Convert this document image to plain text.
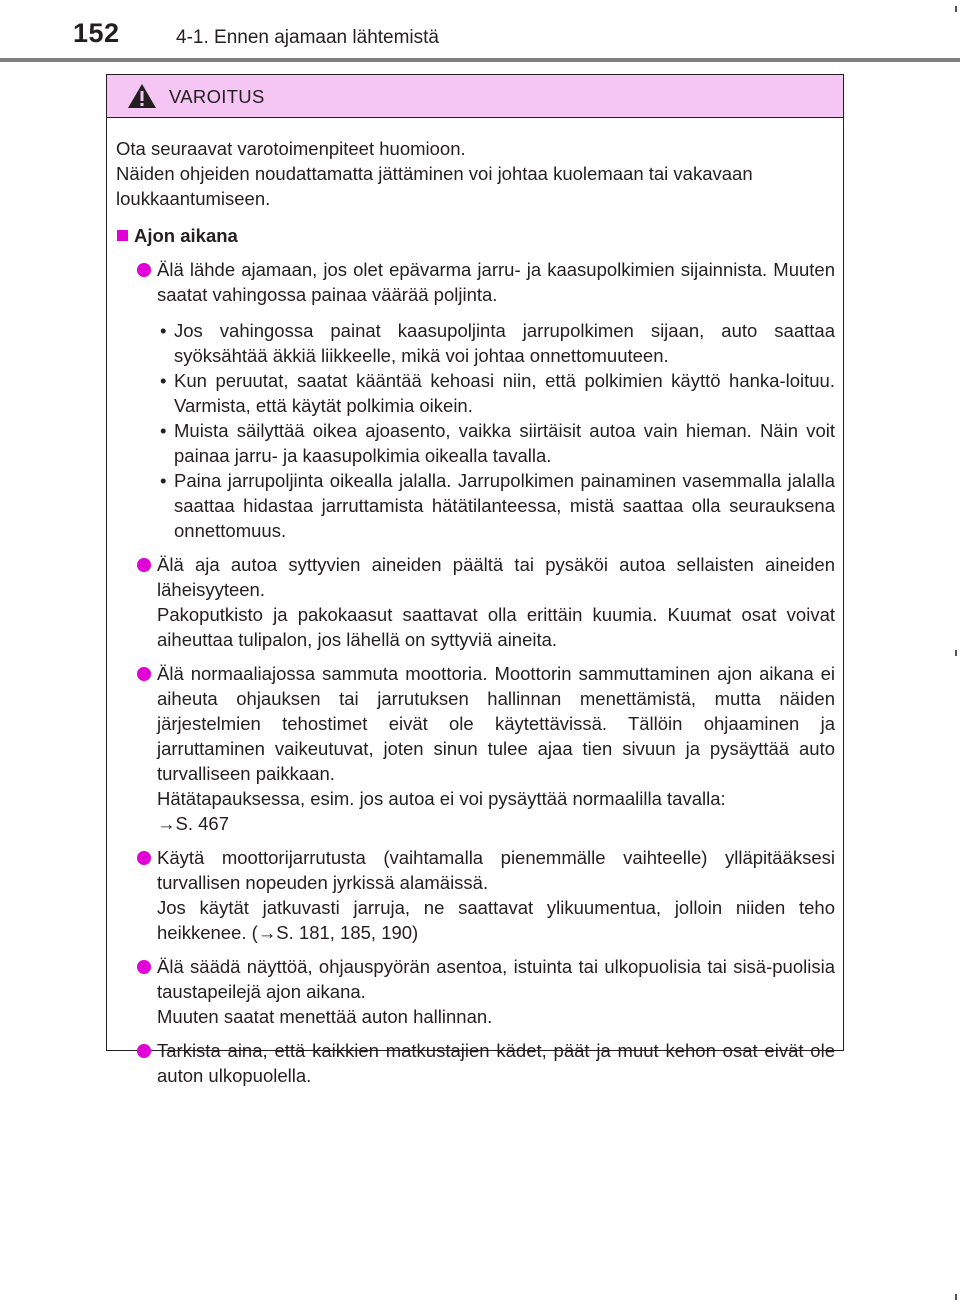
152	4-1. Ennen ajamaan lähtemistä
VAROITUS

Ota seuraavat varotoimenpiteet huomioon.

Näiden ohjeiden noudattamatta jättäminen voi johtaa kuolemaan tai vakavaan loukkaantumiseen.

Ajon aikana

Älä lähde ajamaan, jos olet epävarma jarru- ja kaasupolkimien sijainnista. Muuten saatat vahingossa painaa väärää poljinta.

• Jos vahingossa painat kaasupoljinta jarrupolkimen sijaan, auto saattaa syöksähtää äkkiä liikkeelle, mikä voi johtaa onnettomuuteen.
• Kun peruutat, saatat kääntää kehoasi niin, että polkimien käyttö hanka-loituu. Varmista, että käytät polkimia oikein.
• Muista säilyttää oikea ajoasento, vaikka siirtäisit autoa vain hieman. Näin voit painaa jarru- ja kaasupolkimia oikealla tavalla.
• Paina jarrupoljinta oikealla jalalla. Jarrupolkimen painaminen vasemmalla jalalla saattaa hidastaa jarruttamista hätätilanteessa, mistä saattaa olla seurauksena onnettomuus.

Älä aja autoa syttyvien aineiden päältä tai pysäköi autoa sellaisten aineiden läheisyyteen.

Pakoputkisto ja pakokaasut saattavat olla erittäin kuumia. Kuumat osat voivat aiheuttaa tulipalon, jos lähellä on syttyviä aineita.

Älä normaaliajossa sammuta moottoria. Moottorin sammuttaminen ajon aikana ei aiheuta ohjauksen tai jarrutuksen hallinnan menettämistä, mutta näiden järjestelmien tehostimet eivät ole käytettävissä. Tällöin ohjaaminen ja jarruttaminen vaikeutuvat, joten sinun tulee ajaa tien sivuun ja pysäyttää auto turvalliseen paikkaan.

Hätätapauksessa, esim. jos autoa ei voi pysäyttää normaalilla tavalla:

→S. 467

Käytä moottorijarrutusta (vaihtamalla pienemmälle vaihteelle) ylläpitääksesi turvallisen nopeuden jyrkissä alamäissä.

Jos käytät jatkuvasti jarruja, ne saattavat ylikuumentua, jolloin niiden teho heikkenee. (→S. 181, 185, 190)

Älä säädä näyttöä, ohjauspyörän asentoa, istuinta tai ulkopuolisia tai sisä-puolisia taustapeilejä ajon aikana.

Muuten saatat menettää auton hallinnan.

Tarkista aina, että kaikkien matkustajien kädet, päät ja muut kehon osat eivät ole auton ulkopuolella.
